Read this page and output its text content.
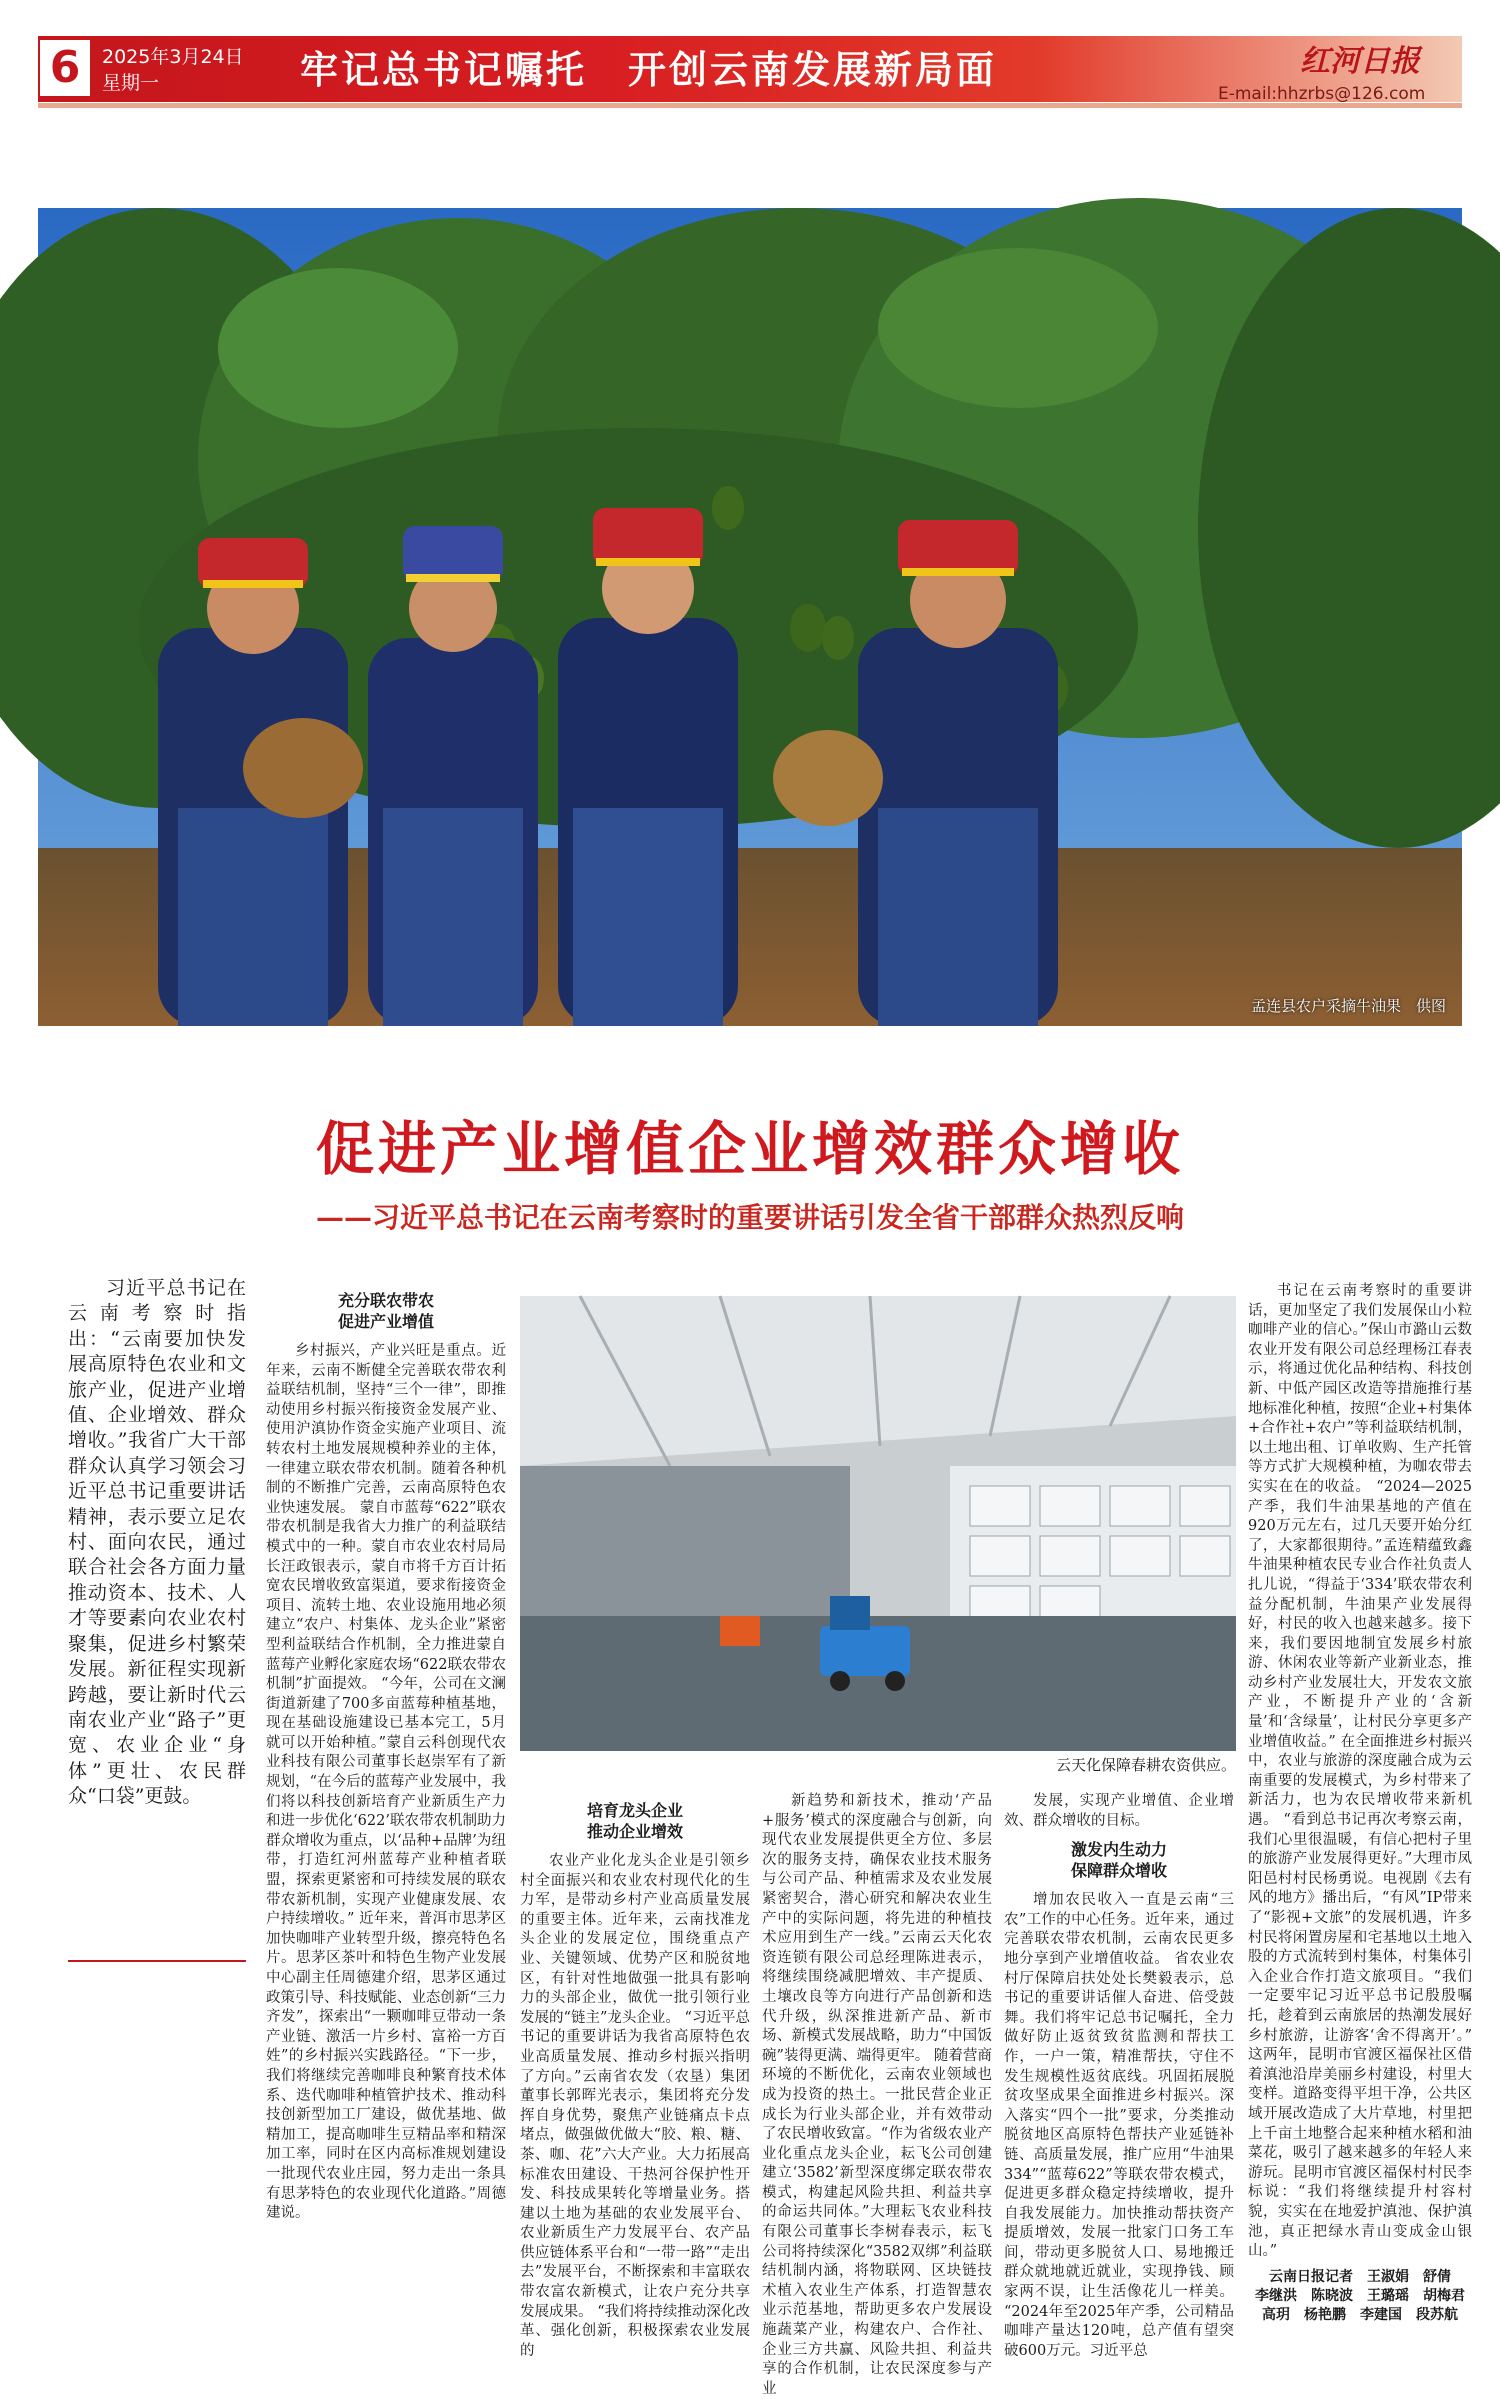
6	2025年3月24日
星期一	牢记总书记嘱托　开创云南发展新局面	红河日报
E-mail:hhzrbs@126.com
孟连县农户采摘牛油果　供图
促进产业增值企业增效群众增收
——习近平总书记在云南考察时的重要讲话引发全省干部群众热烈反响

习近平总书记在云南考察时指出：“云南要加快发展高原特色农业和文旅产业，促进产业增值、企业增效、群众增收。”我省广大干部群众认真学习领会习近平总书记重要讲话精神，表示要立足农村、面向农民，通过联合社会各方面力量推动资本、技术、人才等要素向农业农村聚集，促进乡村繁荣发展。新征程实现新跨越，要让新时代云南农业产业“路子”更宽、农业企业“身体”更壮、农民群众“口袋”更鼓。

充分联农带农
促进产业增值

乡村振兴，产业兴旺是重点。近年来，云南不断健全完善联农带农利益联结机制，坚持“三个一律”，即推动使用乡村振兴衔接资金发展产业、使用沪滇协作资金实施产业项目、流转农村土地发展规模种养业的主体，一律建立联农带农机制。随着各种机制的不断推广完善，云南高原特色农业快速发展。 蒙自市蓝莓“622”联农带农机制是我省大力推广的利益联结模式中的一种。蒙自市农业农村局局长汪政银表示，蒙自市将千方百计拓宽农民增收致富渠道，要求衔接资金项目、流转土地、农业设施用地必须建立“农户、村集体、龙头企业”紧密型利益联结合作机制，全力推进蒙自蓝莓产业孵化家庭农场“622联农带农机制”扩面提效。 “今年，公司在文澜街道新建了700多亩蓝莓种植基地，现在基础设施建设已基本完工，5月就可以开始种植。”蒙自云科创现代农业科技有限公司董事长赵崇军有了新规划，“在今后的蓝莓产业发展中，我们将以科技创新培育产业新质生产力和进一步优化‘622’联农带农机制助力群众增收为重点，以‘品种+品牌’为纽带，打造红河州蓝莓产业种植者联盟，探索更紧密和可持续发展的联农带农新机制，实现产业健康发展、农户持续增收。” 近年来，普洱市思茅区加快咖啡产业转型升级，擦亮特色名片。思茅区茶叶和特色生物产业发展中心副主任周德建介绍，思茅区通过政策引导、科技赋能、业态创新“三力齐发”，探索出“一颗咖啡豆带动一条产业链、激活一片乡村、富裕一方百姓”的乡村振兴实践路径。“下一步，我们将继续完善咖啡良种繁育技术体系、迭代咖啡种植管护技术、推动科技创新型加工厂建设，做优基地、做精加工，提高咖啡生豆精品率和精深加工率，同时在区内高标准规划建设一批现代农业庄园，努力走出一条具有思茅特色的农业现代化道路。”周德建说。

云天化保障春耕农资供应。
培育龙头企业
推动企业增效

农业产业化龙头企业是引领乡村全面振兴和农业农村现代化的生力军，是带动乡村产业高质量发展的重要主体。近年来，云南找准龙头企业的发展定位，围绕重点产业、关键领域、优势产区和脱贫地区，有针对性地做强一批具有影响力的头部企业，做优一批引领行业发展的“链主”龙头企业。 “习近平总书记的重要讲话为我省高原特色农业高质量发展、推动乡村振兴指明了方向。”云南省农发（农垦）集团董事长郭晖光表示，集团将充分发挥自身优势，聚焦产业链痛点卡点堵点，做强做优做大“胶、粮、糖、茶、咖、花”六大产业。大力拓展高标准农田建设、干热河谷保护性开发、科技成果转化等增量业务。搭建以土地为基础的农业发展平台、农业新质生产力发展平台、农产品供应链体系平台和“一带一路”“走出去”发展平台，不断探索和丰富联农带农富农新模式，让农户充分共享发展成果。 “我们将持续推动深化改革、强化创新，积极探索农业发展的

新趋势和新技术，推动‘产品+服务’模式的深度融合与创新，向现代农业发展提供更全方位、多层次的服务支持，确保农业技术服务与公司产品、种植需求及农业发展紧密契合，潜心研究和解决农业生产中的实际问题，将先进的种植技术应用到生产一线。”云南云天化农资连锁有限公司总经理陈进表示，将继续围绕减肥增效、丰产提质、土壤改良等方向进行产品创新和迭代升级，纵深推进新产品、新市场、新模式发展战略，助力“中国饭碗”装得更满、端得更牢。 随着营商环境的不断优化，云南农业领域也成为投资的热土。一批民营企业正成长为行业头部企业，并有效带动了农民增收致富。“作为省级农业产业化重点龙头企业，耘飞公司创建建立‘3582’新型深度绑定联农带农模式，构建起风险共担、利益共享的命运共同体。”大理耘飞农业科技有限公司董事长李树春表示，耘飞公司将持续深化“3582双绑”利益联结机制内涵，将物联网、区块链技术植入农业生产体系，打造智慧农业示范基地，帮助更多农户发展设施蔬菜产业，构建农户、合作社、企业三方共赢、风险共担、利益共享的合作机制，让农民深度参与产业

发展，实现产业增值、企业增效、群众增收的目标。

激发内生动力
保障群众增收

增加农民收入一直是云南“三农”工作的中心任务。近年来，通过完善联农带农机制，云南农民更多地分享到产业增值收益。 省农业农村厅保障启扶处处长樊毅表示，总书记的重要讲话催人奋进、倍受鼓舞。我们将牢记总书记嘱托，全力做好防止返贫致贫监测和帮扶工作，一户一策，精准帮扶，守住不发生规模性返贫底线。巩固拓展脱贫攻坚成果全面推进乡村振兴。深入落实“四个一批”要求，分类推动脱贫地区高原特色帮扶产业延链补链、高质量发展，推广应用“牛油果334”“蓝莓622”等联农带农模式，促进更多群众稳定持续增收，提升自我发展能力。加快推动帮扶资产提质增效，发展一批家门口务工车间，带动更多脱贫人口、易地搬迁群众就地就近就业，实现挣钱、顾家两不误，让生活像花儿一样美。 “2024年至2025年产季，公司精品咖啡产量达120吨，总产值有望突破600万元。习近平总

书记在云南考察时的重要讲话，更加坚定了我们发展保山小粒咖啡产业的信心。”保山市潞山云数农业开发有限公司总经理杨江春表示，将通过优化品种结构、科技创新、中低产园区改造等措施推行基地标准化种植，按照“企业+村集体+合作社+农户”等利益联结机制，以土地出租、订单收购、生产托管等方式扩大规模种植，为咖农带去实实在在的收益。 “2024—2025产季，我们牛油果基地的产值在920万元左右，过几天要开始分红了，大家都很期待。”孟连精蕴致鑫牛油果种植农民专业合作社负责人扎儿说，“得益于‘334’联农带农利益分配机制，牛油果产业发展得好，村民的收入也越来越多。接下来，我们要因地制宜发展乡村旅游、休闲农业等新产业新业态，推动乡村产业发展壮大，开发农文旅产业，不断提升产业的‘含新量’和‘含绿量’，让村民分享更多产业增值收益。” 在全面推进乡村振兴中，农业与旅游的深度融合成为云南重要的发展模式，为乡村带来了新活力，也为农民增收带来新机遇。 “看到总书记再次考察云南，我们心里很温暖，有信心把村子里的旅游产业发展得更好。”大理市凤阳邑村村民杨勇说。电视剧《去有风的地方》播出后，“有风”IP带来了“影视+文旅”的发展机遇，许多村民将闲置房屋和宅基地以土地入股的方式流转到村集体，村集体引入企业合作打造文旅项目。“我们一定要牢记习近平总书记殷殷嘱托，趁着到云南旅居的热潮发展好乡村旅游，让游客‘舍不得离开’。” 这两年，昆明市官渡区福保社区借着滇池沿岸美丽乡村建设，村里大变样。道路变得平坦干净，公共区域开展改造成了大片草地，村里把上千亩土地整合起来种植水稻和油菜花，吸引了越来越多的年轻人来游玩。昆明市官渡区福保村村民李标说：“我们将继续提升村容村貌，实实在在地爱护滇池、保护滇池，真正把绿水青山变成金山银山。”

云南日报记者　王淑娟　舒倩
李继洪　陈晓波　王璐瑶　胡梅君
高玥　杨艳鹏　李建国　段苏航
